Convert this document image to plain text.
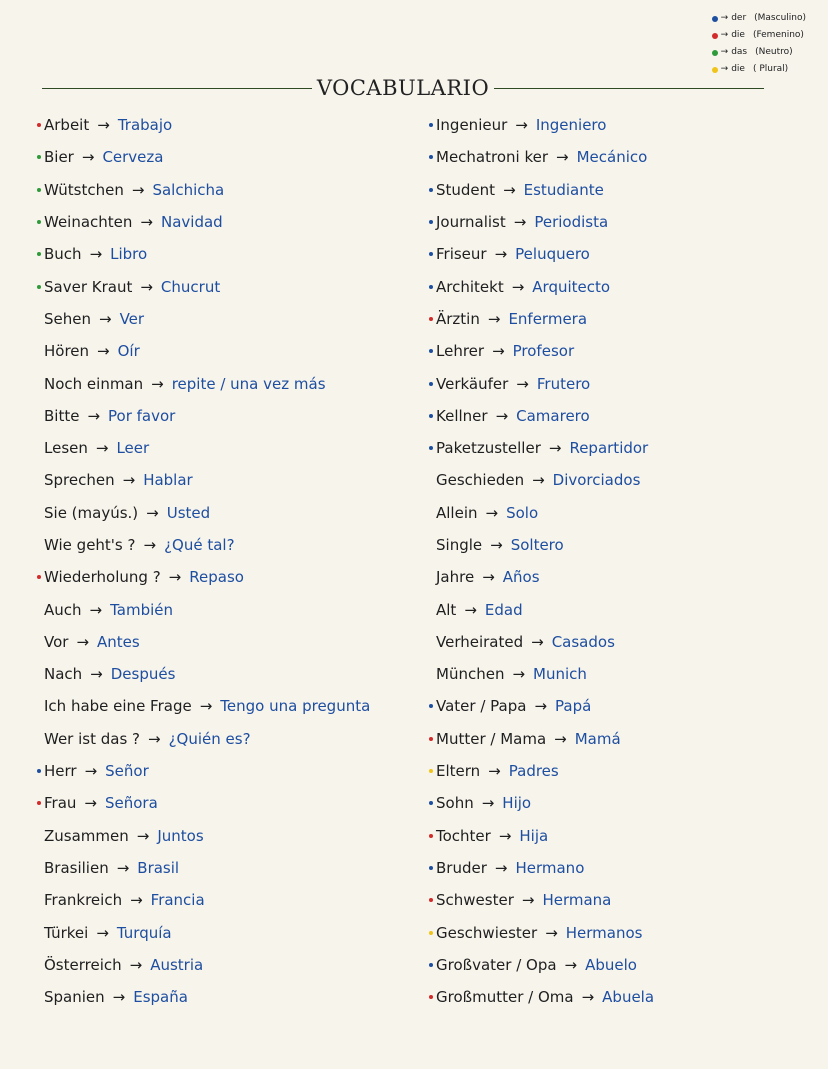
→ der (Masculino)
→ die (Femenino)
→ das (Neutro)
→ die ( Plural)
VOCABULARIO
Arbeit → Trabajo
Bier → Cerveza
Wütstchen → Salchicha
Weinachten → Navidad
Buch → Libro
Saver Kraut → Chucrut
Sehen → Ver
Hören → Oír
Noch einman → repite / una vez más
Bitte → Por favor
Lesen → Leer
Sprechen → Hablar
Sie (mayús.) → Usted
Wie geht's ? → ¿Qué tal?
Wiederholung ? → Repaso
Auch → También
Vor → Antes
Nach → Después
Ich habe eine Frage → Tengo una pregunta
Wer ist das ? → ¿Quién es?
Herr → Señor
Frau → Señora
Zusammen → Juntos
Brasilien → Brasil
Frankreich → Francia
Türkei → Turquía
Österreich → Austria
Spanien → España
Ingenieur → Ingeniero
Mechatroni ker → Mecánico
Student → Estudiante
Journalist → Periodista
Friseur → Peluquero
Architekt → Arquitecto
Ärztin → Enfermera
Lehrer → Profesor
Verkäufer → Frutero
Kellner → Camarero
Paketzusteller → Repartidor
Geschieden → Divorciados
Allein → Solo
Single → Soltero
Jahre → Años
Alt → Edad
Verheirated → Casados
München → Munich
Vater / Papa → Papá
Mutter / Mama → Mamá
Eltern → Padres
Sohn → Hijo
Tochter → Hija
Bruder → Hermano
Schwester → Hermana
Geschwiester → Hermanos
Großvater / Opa → Abuelo
Großmutter / Oma → Abuela
